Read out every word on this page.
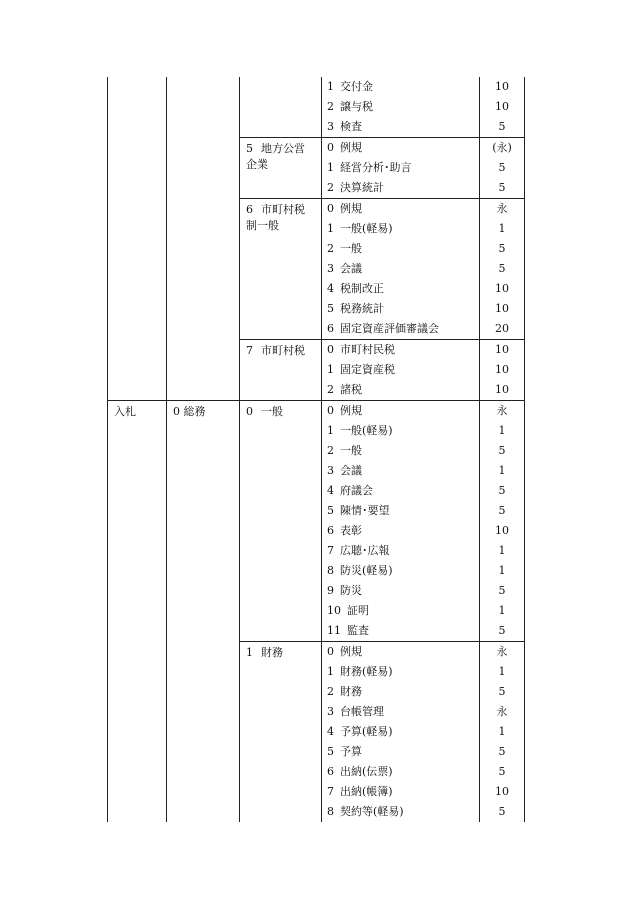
			1 交付金	10
			2 譲与税	10
			3 検査	5
		5 地方公営企業	0 例規	(永)
			1 経営分析･助言	5
			2 決算統計	5
		6 市町村税制一般	0 例規	永
			1 一般(軽易)	1
			2 一般	5
			3 会議	5
			4 税制改正	10
			5 税務統計	10
			6 固定資産評価審議会	20
		7 市町村税	0 市町村民税	10
			1 固定資産税	10
			2 諸税	10
入札	0 総務	0 一般	0 例規	永
			1 一般(軽易)	1
			2 一般	5
			3 会議	1
			4 府議会	5
			5 陳情･要望	5
			6 表彰	10
			7 広聴･広報	1
			8 防災(軽易)	1
			9 防災	5
			10 証明	1
			11 監査	5
		1 財務	0 例規	永
			1 財務(軽易)	1
			2 財務	5
			3 台帳管理	永
			4 予算(軽易)	1
			5 予算	5
			6 出納(伝票)	5
			7 出納(帳簿)	10
			8 契約等(軽易)	5
